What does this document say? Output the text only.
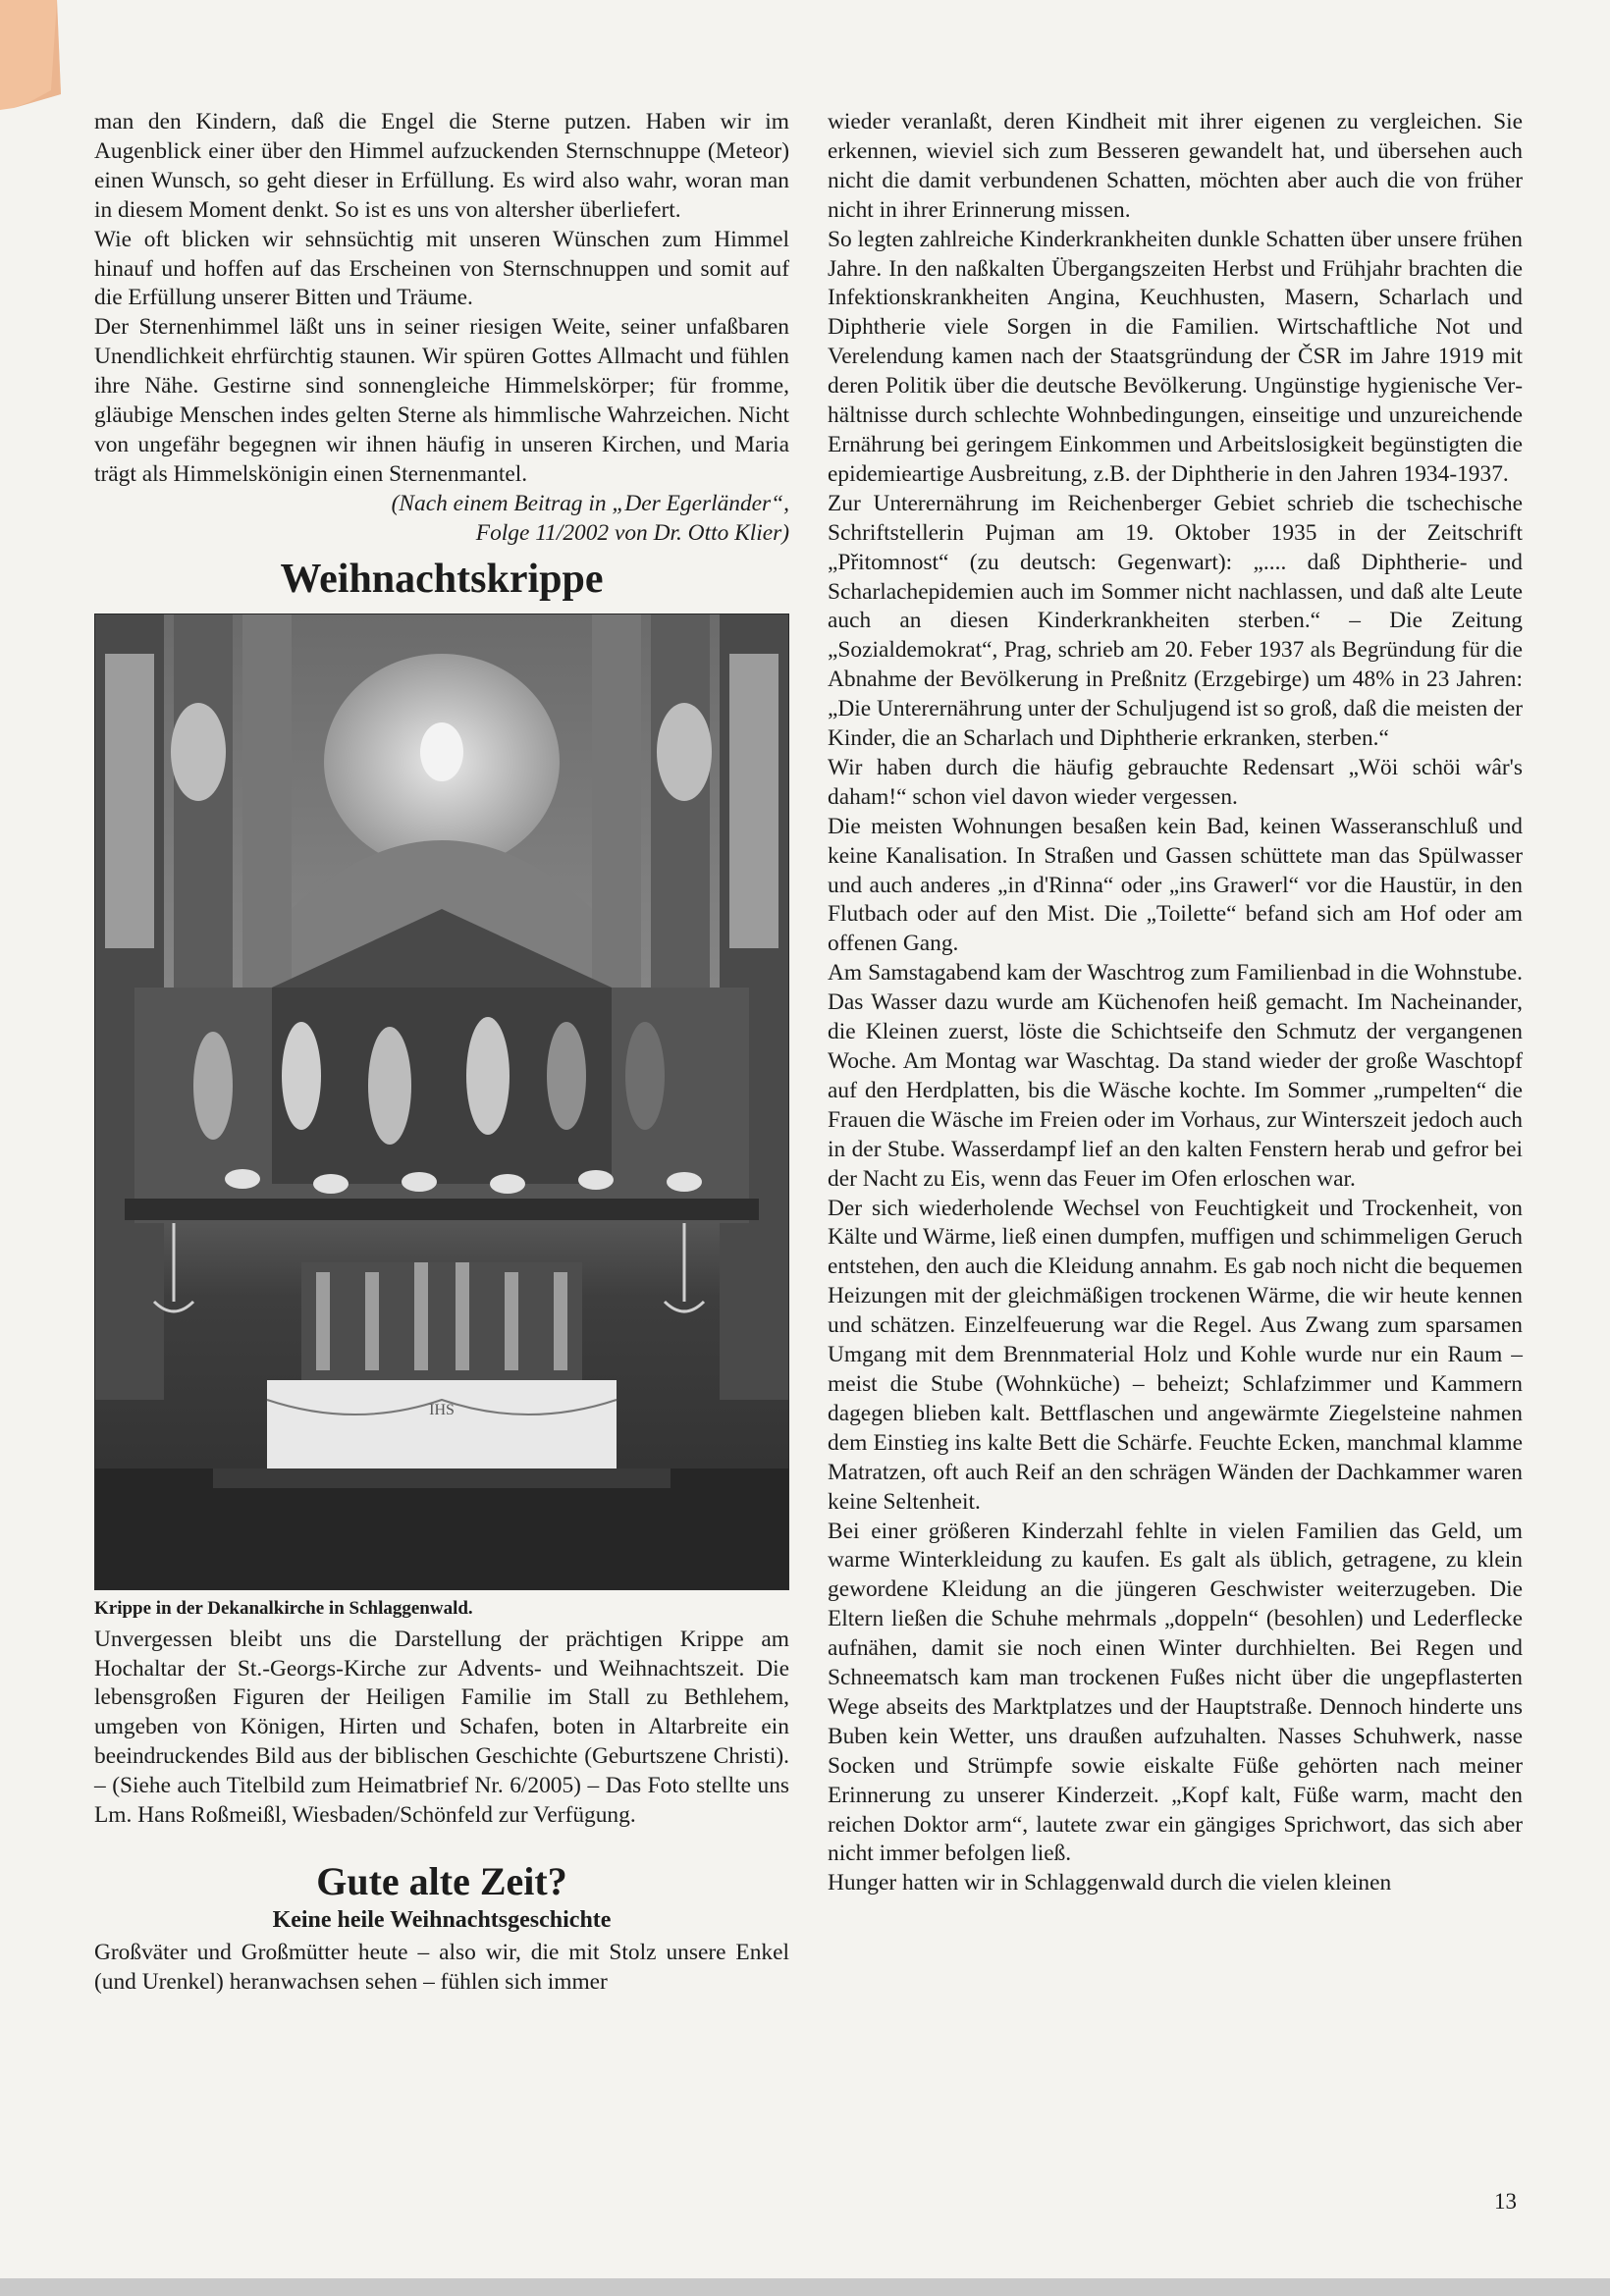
man den Kindern, daß die Engel die Sterne putzen. Haben wir im Augenblick einer über den Himmel aufzuckenden Sternschnuppe (Meteor) einen Wunsch, so geht dieser in Erfüllung. Es wird also wahr, woran man in diesem Moment denkt. So ist es uns von altersher überliefert.

Wie oft blicken wir sehnsüchtig mit unseren Wünschen zum Himmel hinauf und hoffen auf das Erscheinen von Sternschnuppen und somit auf die Erfüllung unserer Bitten und Träume.

Der Sternenhimmel läßt uns in seiner riesigen Weite, seiner unfaßbaren Unendlichkeit ehrfürchtig staunen. Wir spüren Gottes Allmacht und fühlen ihre Nähe. Gestirne sind sonnengleiche Himmelskörper; für fromme, gläubige Menschen indes gelten Sterne als himmlische Wahrzeichen. Nicht von ungefähr begegnen wir ihnen häufig in unseren Kirchen, und Maria trägt als Himmelskönigin einen Sternenmantel.

(Nach einem Beitrag in „Der Egerländer“,

Folge 11/2002 von Dr. Otto Klier)

Weihnachtskrippe
IHS

Krippe in der Dekanalkirche in Schlaggenwald.

Unvergessen bleibt uns die Darstellung der prächtigen Krippe am Hochaltar der St.-Georgs-Kirche zur Advents- und Weihnachtszeit. Die lebensgroßen Figuren der Heiligen Familie im Stall zu Bethlehem, umgeben von Königen, Hirten und Schafen, boten in Altarbreite ein beeindruckendes Bild aus der biblischen Geschichte (Geburtszene Christi). – (Siehe auch Titelbild zum Heimatbrief Nr. 6/2005) – Das Foto stellte uns Lm. Hans Roßmeißl, Wiesbaden/Schönfeld zur Verfügung.

Gute alte Zeit?
Keine heile Weihnachtsgeschichte

Großväter und Großmütter heute – also wir, die mit Stolz unsere Enkel (und Urenkel) heranwachsen sehen – fühlen sich immer

wieder veranlaßt, deren Kindheit mit ihrer eigenen zu vergleichen. Sie erkennen, wieviel sich zum Besseren gewandelt hat, und übersehen auch nicht die damit verbundenen Schatten, möchten aber auch die von früher nicht in ihrer Erinnerung missen.

So legten zahlreiche Kinderkrankheiten dunkle Schatten über unsere frühen Jahre. In den naßkalten Übergangszeiten Herbst und Frühjahr brachten die Infektionskrankheiten Angina, Keuchhusten, Masern, Scharlach und Diphtherie viele Sorgen in die Familien. Wirtschaftliche Not und Verelendung kamen nach der Staatsgründung der ČSR im Jahre 1919 mit deren Politik über die deutsche Bevölkerung. Ungünstige hygienische Verhältnisse durch schlechte Wohnbedingungen, einseitige und unzureichende Ernährung bei geringem Einkommen und Arbeitslosigkeit begünstigten die epidemieartige Ausbreitung, z.B. der Diphtherie in den Jahren 1934-1937.

Zur Unterernährung im Reichenberger Gebiet schrieb die tschechische Schriftstellerin Pujman am 19. Oktober 1935 in der Zeitschrift „Přitomnost“ (zu deutsch: Gegenwart): „.... daß Diphtherie- und Scharlachepidemien auch im Sommer nicht nachlassen, und daß alte Leute auch an diesen Kinderkrankheiten sterben.“ – Die Zeitung „Sozialdemokrat“, Prag, schrieb am 20. Feber 1937 als Begründung für die Abnahme der Bevölkerung in Preßnitz (Erzgebirge) um 48% in 23 Jahren: „Die Unterernährung unter der Schuljugend ist so groß, daß die meisten der Kinder, die an Scharlach und Diphtherie erkranken, sterben.“

Wir haben durch die häufig gebrauchte Redensart „Wöi schöi wâr's daham!“ schon viel davon wieder vergessen.

Die meisten Wohnungen besaßen kein Bad, keinen Wasseranschluß und keine Kanalisation. In Straßen und Gassen schüttete man das Spülwasser und auch anderes „in d'Rinna“ oder „ins Grawerl“ vor die Haustür, in den Flutbach oder auf den Mist. Die „Toilette“ befand sich am Hof oder am offenen Gang.

Am Samstagabend kam der Waschtrog zum Familienbad in die Wohnstube. Das Wasser dazu wurde am Küchenofen heiß gemacht. Im Nacheinander, die Kleinen zuerst, löste die Schichtseife den Schmutz der vergangenen Woche. Am Montag war Waschtag. Da stand wieder der große Waschtopf auf den Herdplatten, bis die Wäsche kochte. Im Sommer „rumpelten“ die Frauen die Wäsche im Freien oder im Vorhaus, zur Winterszeit jedoch auch in der Stube. Wasserdampf lief an den kalten Fenstern herab und gefror bei der Nacht zu Eis, wenn das Feuer im Ofen erloschen war.

Der sich wiederholende Wechsel von Feuchtigkeit und Trockenheit, von Kälte und Wärme, ließ einen dumpfen, muffigen und schimmeligen Geruch entstehen, den auch die Kleidung annahm. Es gab noch nicht die bequemen Heizungen mit der gleichmäßigen trockenen Wärme, die wir heute kennen und schätzen. Einzelfeuerung war die Regel. Aus Zwang zum sparsamen Umgang mit dem Brennmaterial Holz und Kohle wurde nur ein Raum – meist die Stube (Wohnküche) – beheizt; Schlafzimmer und Kammern dagegen blieben kalt. Bettflaschen und angewärmte Ziegelsteine nahmen dem Einstieg ins kalte Bett die Schärfe. Feuchte Ecken, manchmal klamme Matratzen, oft auch Reif an den schrägen Wänden der Dachkammer waren keine Seltenheit.

Bei einer größeren Kinderzahl fehlte in vielen Familien das Geld, um warme Winterkleidung zu kaufen. Es galt als üblich, getragene, zu klein gewordene Kleidung an die jüngeren Geschwister weiterzugeben. Die Eltern ließen die Schuhe mehrmals „doppeln“ (besohlen) und Lederflecke aufnähen, damit sie noch einen Winter durchhielten. Bei Regen und Schneematsch kam man trockenen Fußes nicht über die ungepflasterten Wege abseits des Marktplatzes und der Hauptstraße. Dennoch hinderte uns Buben kein Wetter, uns draußen aufzuhalten. Nasses Schuhwerk, nasse Socken und Strümpfe sowie eiskalte Füße gehörten nach meiner Erinnerung zu unserer Kinderzeit. „Kopf kalt, Füße warm, macht den reichen Doktor arm“, lautete zwar ein gängiges Sprichwort, das sich aber nicht immer befolgen ließ.

Hunger hatten wir in Schlaggenwald durch die vielen kleinen

13
